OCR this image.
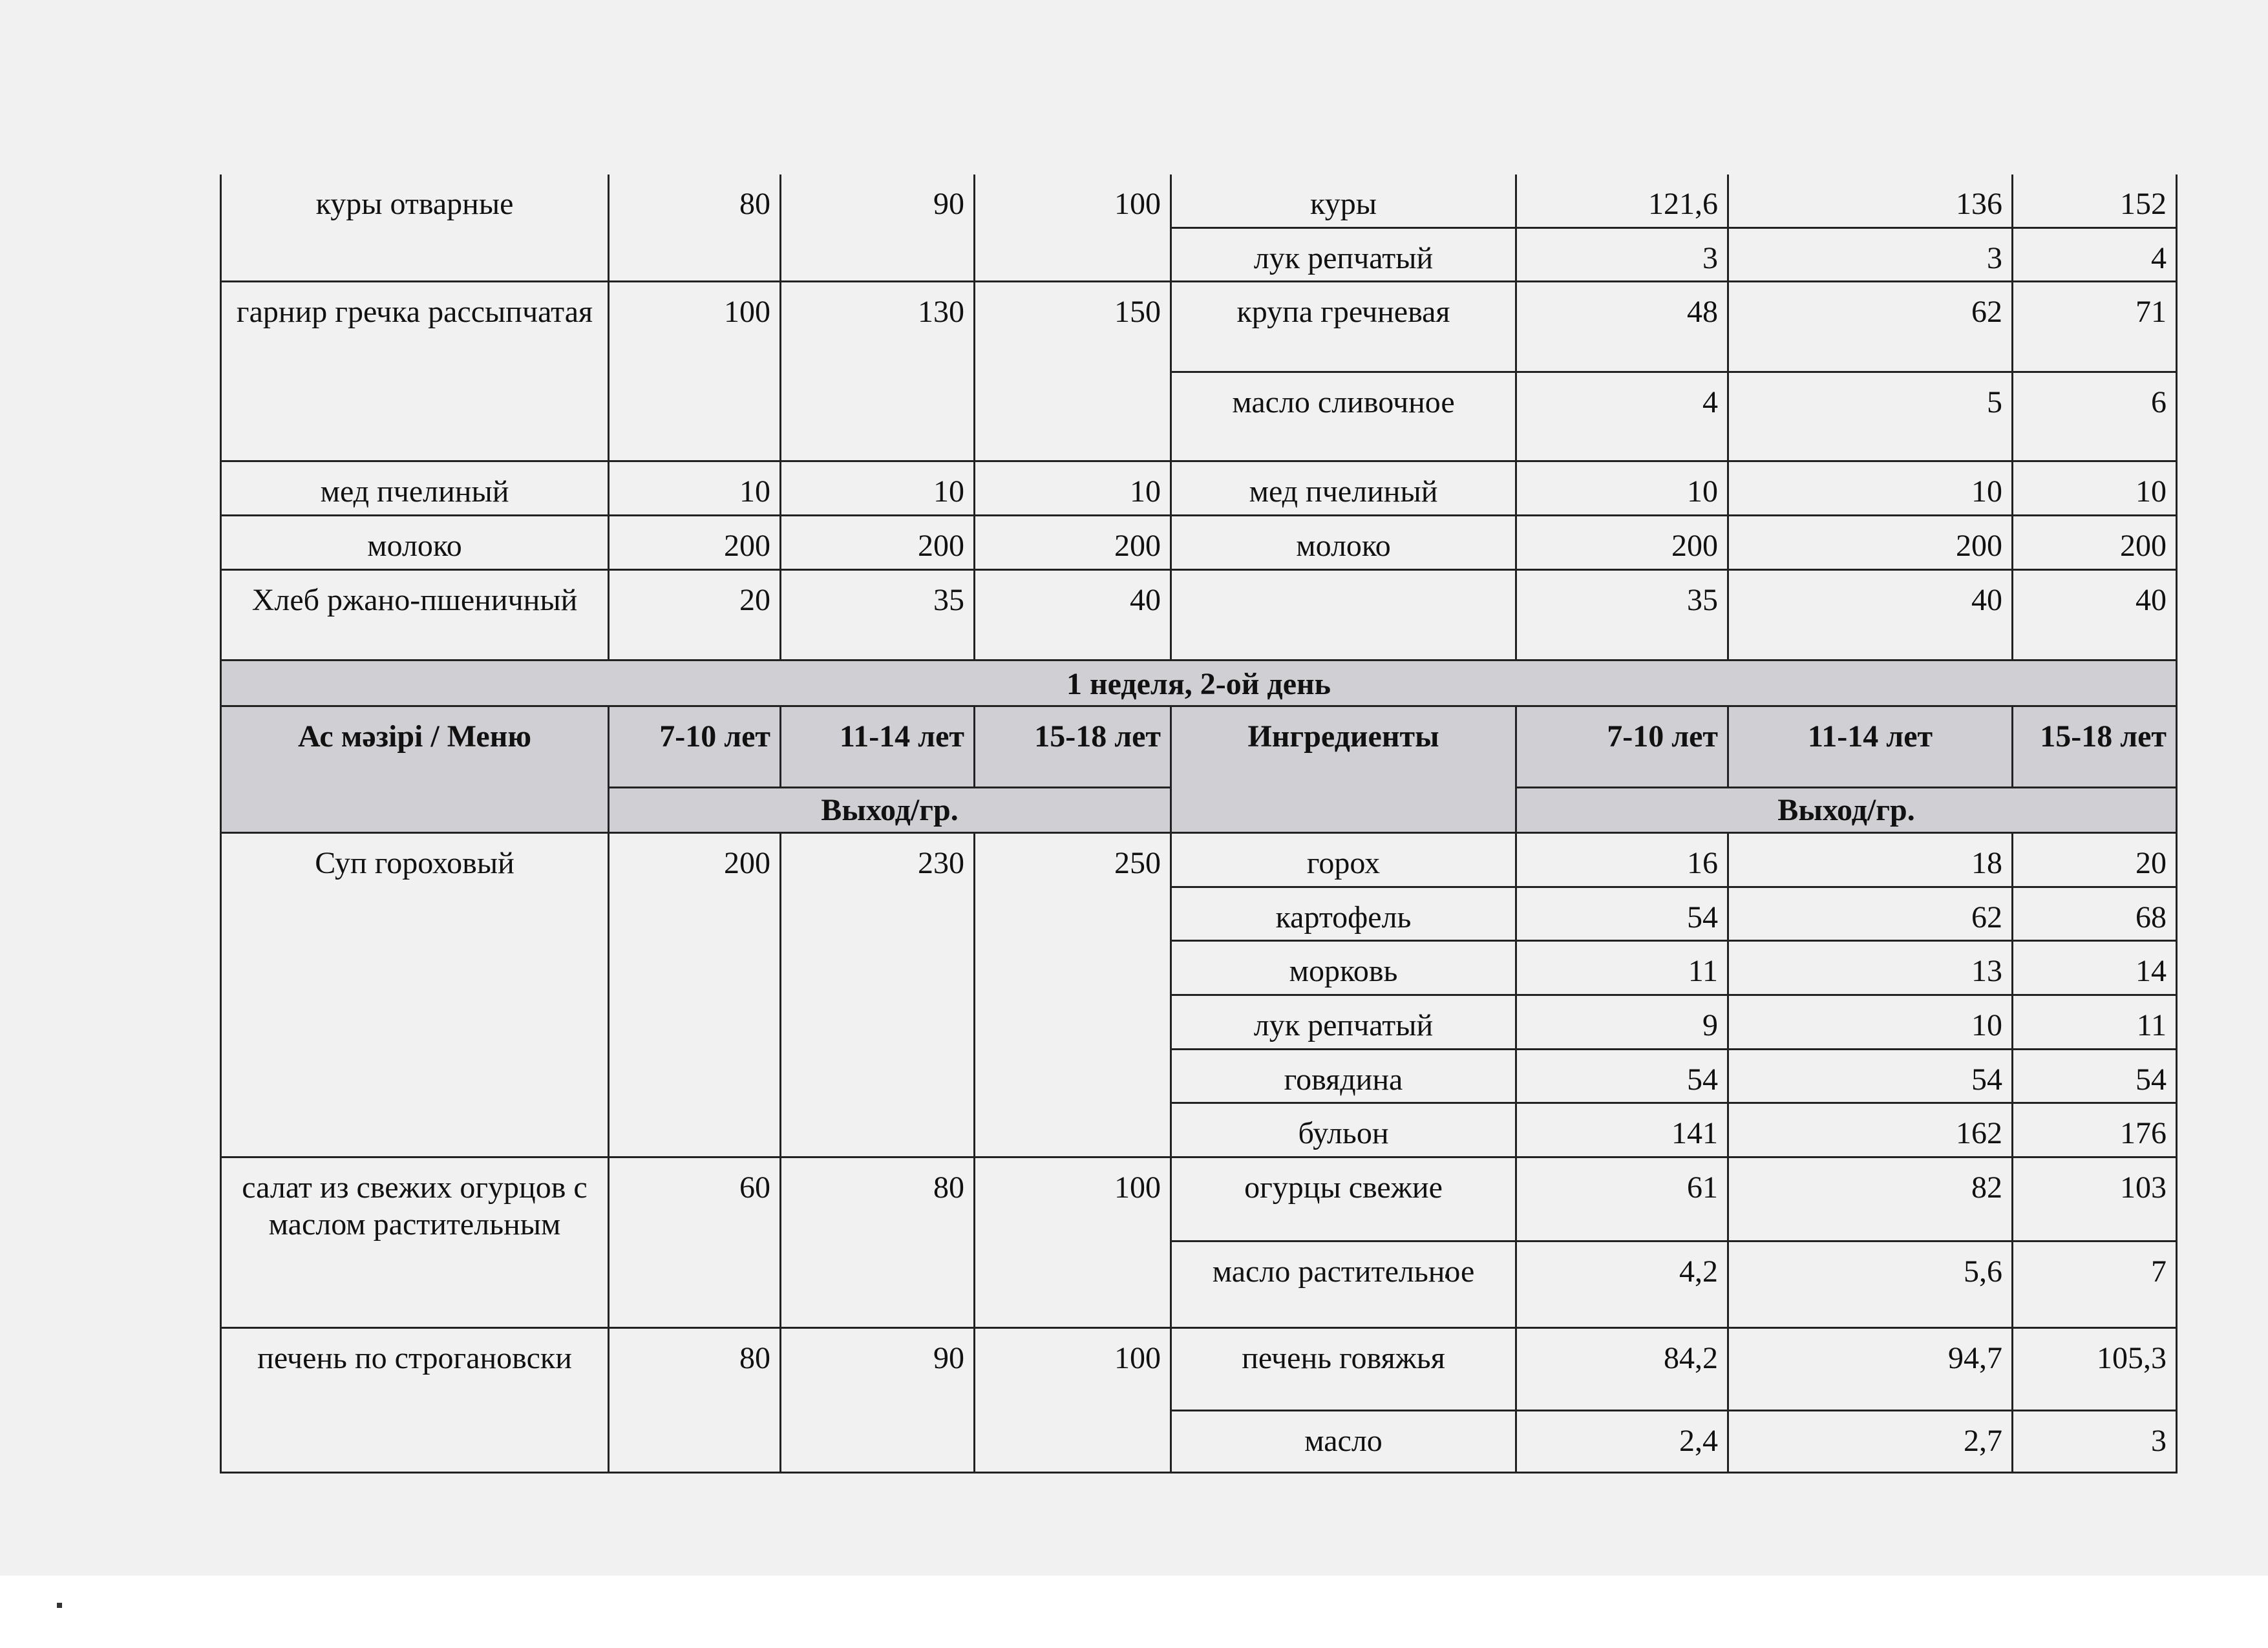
куры отварные	80	90	100	куры	121,6	136	152
				лук репчатый	3	3	4
гарнир гречка рассыпчатая	100	130	150	крупа гречневая	48	62	71
				масло сливочное	4	5	6
мед пчелиный	10	10	10	мед пчелиный	10	10	10
молоко	200	200	200	молоко	200	200	200
Хлеб ржано-пшеничный	20	35	40		35	40	40
1 неделя, 2-ой день							
Ас мәзірі / Меню	7-10 лет	11-14 лет	15-18 лет	Ингредиенты	7-10 лет	11-14 лет	15-18 лет
	Выход/гр.				Выход/гр.		
Суп гороховый	200	230	250	горох	16	18	20
				картофель	54	62	68
				морковь	11	13	14
				лук репчатый	9	10	11
				говядина	54	54	54
				бульон	141	162	176
салат из свежих огурцов с маслом растительным	60	80	100	огурцы свежие	61	82	103
				масло растительное	4,2	5,6	7
печень по строгановски	80	90	100	печень говяжья	84,2	94,7	105,3
				масло	2,4	2,7	3
